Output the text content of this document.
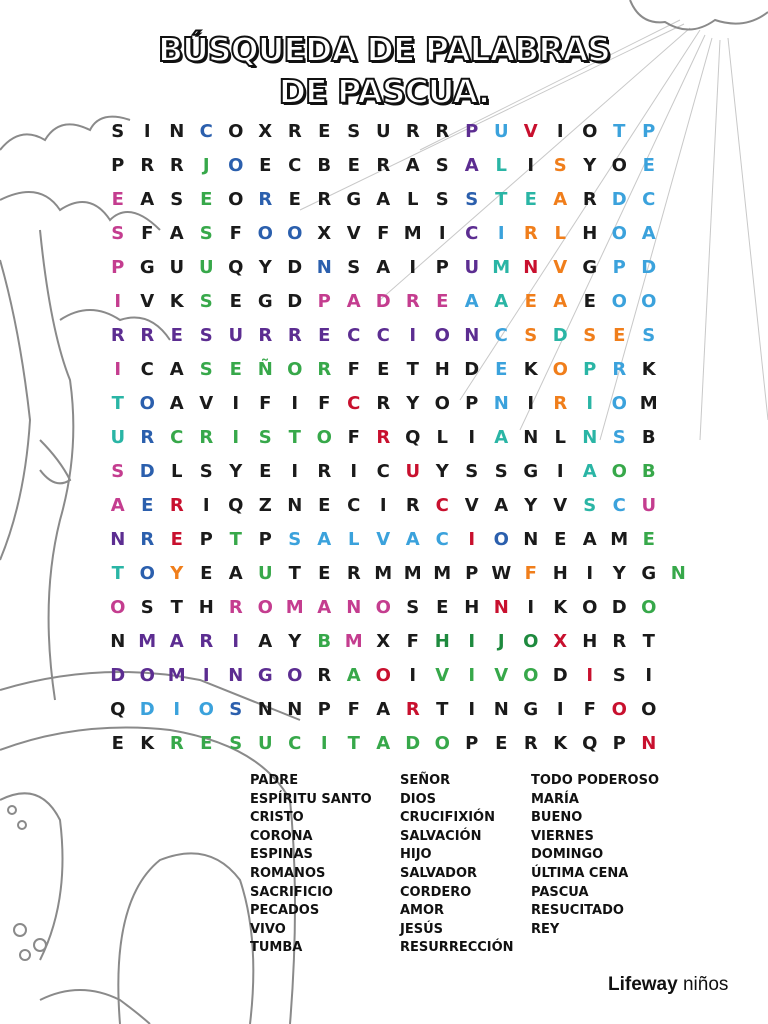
BÚSQUEDA DE PALABRAS
DE PASCUA.
S	I	N C O X R E S U R R P U V	I	O T P
P R R	J	O E C B E R A S A L	I	S Y O E
E A S E O R E R G A L S S T E A R D C
S F A S F O O X V F M I	C	I	R L H O A
P G U U Q Y D N S A	I	P U M N V G P D
I	V K S E G D P A D R E A A E A E O O
R R E S U R R E C C	I	O N C S D S E S
I	C A S E Ñ O R F E T H D E K O P R K
T O A V	I	F	I	F C R Y O P N	I	R	I	O M
U R C R	I	S T O F R Q L	I	A N L N S B
S D L S Y E	I	R	I	C U Y S S G	I	A O B
A E R	I	Q Z N E C	I	R C V A Y V S C U
N R E P T P S A L V A C	I	O N E A M E
T O Y E A U T E R M M M P W F H	I	Y G N
O S T H R O M A N O S E H N	I	K O D O
N M A R	I	A Y B M X F H	I	J	O X H R T
D O M I	N G O R A O	I	V	I	V O D	I	S	I
Q D	I	O S N N P F A R T	I	N G	I	F O O
E K R E S U C	I	T A D O P E R K Q P N
PADRE
ESPÍRITU SANTO
CRISTO
CORONA
ESPINAS
ROMANOS
SACRIFICIO
PECADOS
VIVO
TUMBA
SEÑOR
DIOS
CRUCIFIXIÓN
SALVACIÓN
HIJO
SALVADOR
CORDERO
AMOR
JESÚS
RESURRECCIÓN
TODO PODEROSO
MARÍA
BUENO
VIERNES
DOMINGO
ÚLTIMA CENA
PASCUA
RESUCITADO
REY
Lifeway niños
